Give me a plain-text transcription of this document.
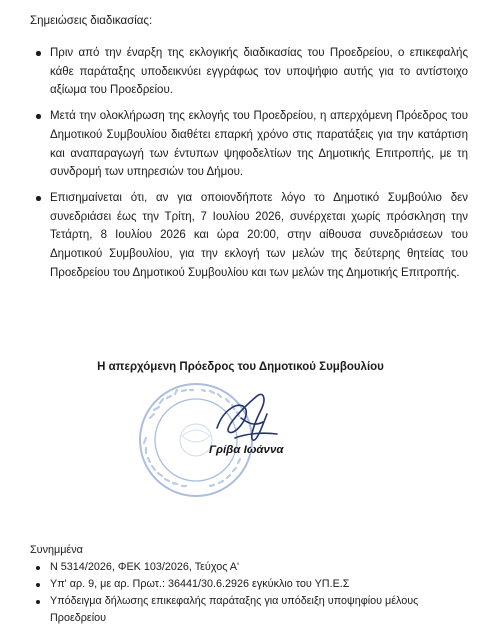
Σημειώσεις διαδικασίας:
Πριν από την έναρξη της εκλογικής διαδικασίας του Προεδρείου, ο επικεφαλής κάθε παράταξης υποδεικνύει εγγράφως τον υποψήφιο αυτής για το αντίστοιχο αξίωμα του Προεδρείου.
Μετά την ολοκλήρωση της εκλογής του Προεδρείου, η απερχόμενη Πρόεδρος του Δημοτικού Συμβουλίου διαθέτει επαρκή χρόνο στις παρατάξεις για την κατάρτιση και αναπαραγωγή των έντυπων ψηφοδελτίων της Δημοτικής Επιτροπής, με τη συνδρομή των υπηρεσιών του Δήμου.
Επισημαίνεται ότι, αν για οποιονδήποτε λόγο το Δημοτικό Συμβούλιο δεν συνεδριάσει έως την Τρίτη, 7 Ιουλίου 2026, συνέρχεται χωρίς πρόσκληση την Τετάρτη, 8 Ιουλίου 2026 και ώρα 20:00, στην αίθουσα συνεδριάσεων του Δημοτικού Συμβουλίου, για την εκλογή των μελών της δεύτερης θητείας του Προεδρείου του Δημοτικού Συμβουλίου και των μελών της Δημοτικής Επιτροπής.
Η απερχόμενη Πρόεδρος του Δημοτικού Συμβουλίου
Γρίβα Ιωάννα
Συνημμένα
Ν 5314/2026, ΦΕΚ 103/2026, Τεύχος Α'
Υπ' αρ. 9, με αρ. Πρωτ.: 36441/30.6.2926 εγκύκλιο του ΥΠ.Ε.Σ
Υπόδειγμα δήλωσης επικεφαλής παράταξης για υπόδειξη υποψηφίου μέλους Προεδρείου
